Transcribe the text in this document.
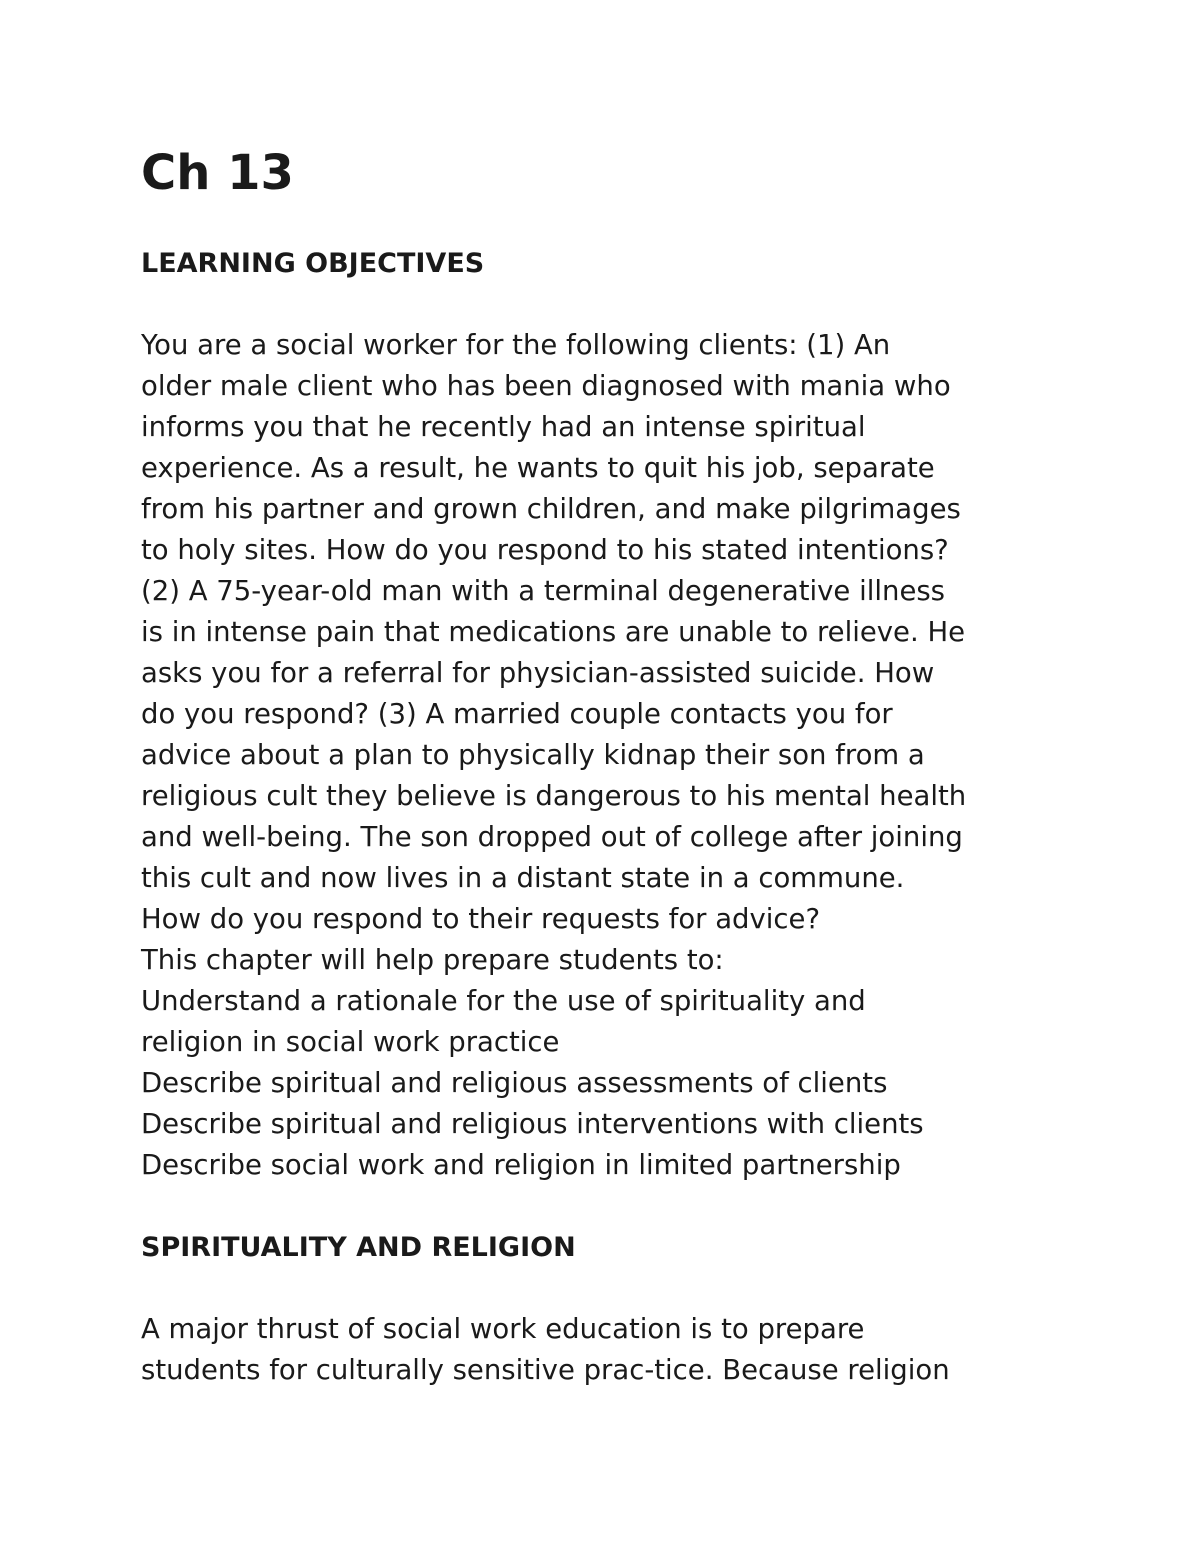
Ch 13
LEARNING OBJECTIVES
You are a social worker for the following clients: (1) An
older male client who has been diagnosed with mania who
informs you that he recently had an intense spiritual
experience. As a result, he wants to quit his job, separate
from his partner and grown children, and make pilgrimages
to holy sites. How do you respond to his stated intentions?
(2) A 75-year-old man with a terminal degenerative illness
is in intense pain that medications are unable to relieve. He
asks you for a referral for physician-assisted suicide. How
do you respond? (3) A married couple contacts you for
advice about a plan to physically kidnap their son from a
religious cult they believe is dangerous to his mental health
and well-being. The son dropped out of college after joining
this cult and now lives in a distant state in a commune.
How do you respond to their requests for advice?
This chapter will help prepare students to:
Understand a rationale for the use of spirituality and
religion in social work practice
Describe spiritual and religious assessments of clients
Describe spiritual and religious interventions with clients
Describe social work and religion in limited partnership
SPIRITUALITY AND RELIGION
A major thrust of social work education is to prepare
students for culturally sensitive prac-tice. Because religion
